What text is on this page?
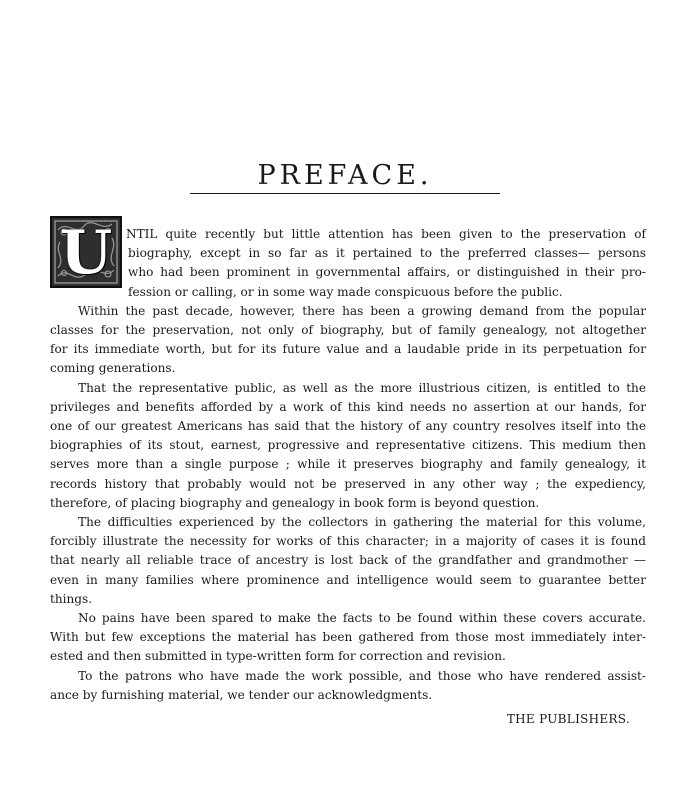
PREFACE.
U	NTIL quite recently but little attention has been given to the preservation of

biography, except in so far as it pertained to the preferred classes— persons

who had been prominent in governmental affairs, or distinguished in their pro-

fession or calling, or in some way made conspicuous before the public.

Within the past decade, however, there has been a growing demand from the popular

classes for the preservation, not only of biography, but of family genealogy, not altogether

for its immediate worth, but for its future value and a laudable pride in its perpetuation for

coming generations.

That the representative public, as well as the more illustrious citizen, is entitled to the

privileges and benefits afforded by a work of this kind needs no assertion at our hands, for

one of our greatest Americans has said that the history of any country resolves itself into the

biographies of its stout, earnest, progressive and representative citizens. This medium then

serves more than a single purpose ; while it preserves biography and family genealogy, it

records history that probably would not be preserved in any other way ; the expediency,

therefore, of placing biography and genealogy in book form is beyond question.

The difficulties experienced by the collectors in gathering the material for this volume,

forcibly illustrate the necessity for works of this character; in a majority of cases it is found

that nearly all reliable trace of ancestry is lost back of the grandfather and grandmother —

even in many families where prominence and intelligence would seem to guarantee better

things.

No pains have been spared to make the facts to be found within these covers accurate.

With but few exceptions the material has been gathered from those most immediately inter-

ested and then submitted in type-written form for correction and revision.

To the patrons who have made the work possible, and those who have rendered assist-

ance by furnishing material, we tender our acknowledgments.

THE PUBLISHERS.
